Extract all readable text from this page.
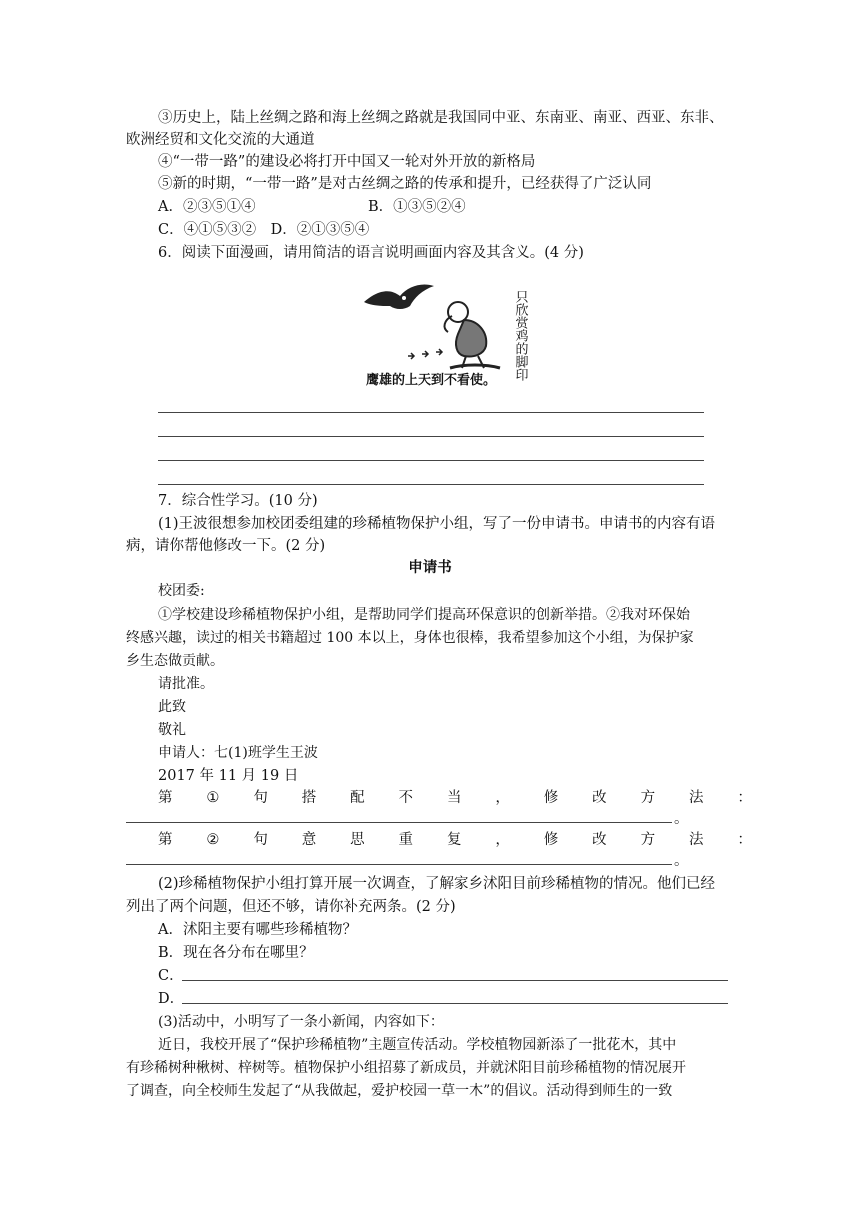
③历史上，陆上丝绸之路和海上丝绸之路就是我国同中亚、东南亚、南亚、西亚、东非、
欧洲经贸和文化交流的大通道
④“一带一路”的建设必将打开中国又一轮对外开放的新格局
⑤新的时期，“一带一路”是对古丝绸之路的传承和提升，已经获得了广泛认同
A．②③⑤①④	B．①③⑤②④
C．④①⑤③②　D．②①③⑤④
6．阅读下面漫画，请用简洁的语言说明画面内容及其含义。(4 分)
只欣赏鸡的脚印
鹰雄的上天到不看使。
7．综合性学习。(10 分)
(1)王波很想参加校团委组建的珍稀植物保护小组，写了一份申请书。申请书的内容有语
病，请你帮他修改一下。(2 分)
申请书
校团委:
①学校建设珍稀植物保护小组，是帮助同学们提高环保意识的创新举措。②我对环保始
终感兴趣，读过的相关书籍超过 100 本以上，身体也很棒，我希望参加这个小组，为保护家
乡生态做贡献。
请批准。
此致
敬礼
申请人：七(1)班学生王波
2017 年 11 月 19 日
第 ① 句 搭 配 不 当 ， 修 改 方 法 ：
。
第 ② 句 意 思 重 复 ， 修 改 方 法 ：
。
(2)珍稀植物保护小组打算开展一次调查，了解家乡沭阳目前珍稀植物的情况。他们已经
列出了两个问题，但还不够，请你补充两条。(2 分)
A．沭阳主要有哪些珍稀植物？
B．现在各分布在哪里？
C．
D．
(3)活动中，小明写了一条小新闻，内容如下：
近日，我校开展了“保护珍稀植物”主题宣传活动。学校植物园新添了一批花木，其中
有珍稀树种楸树、梓树等。植物保护小组招募了新成员，并就沭阳目前珍稀植物的情况展开
了调查，向全校师生发起了“从我做起，爱护校园一草一木”的倡议。活动得到师生的一致
